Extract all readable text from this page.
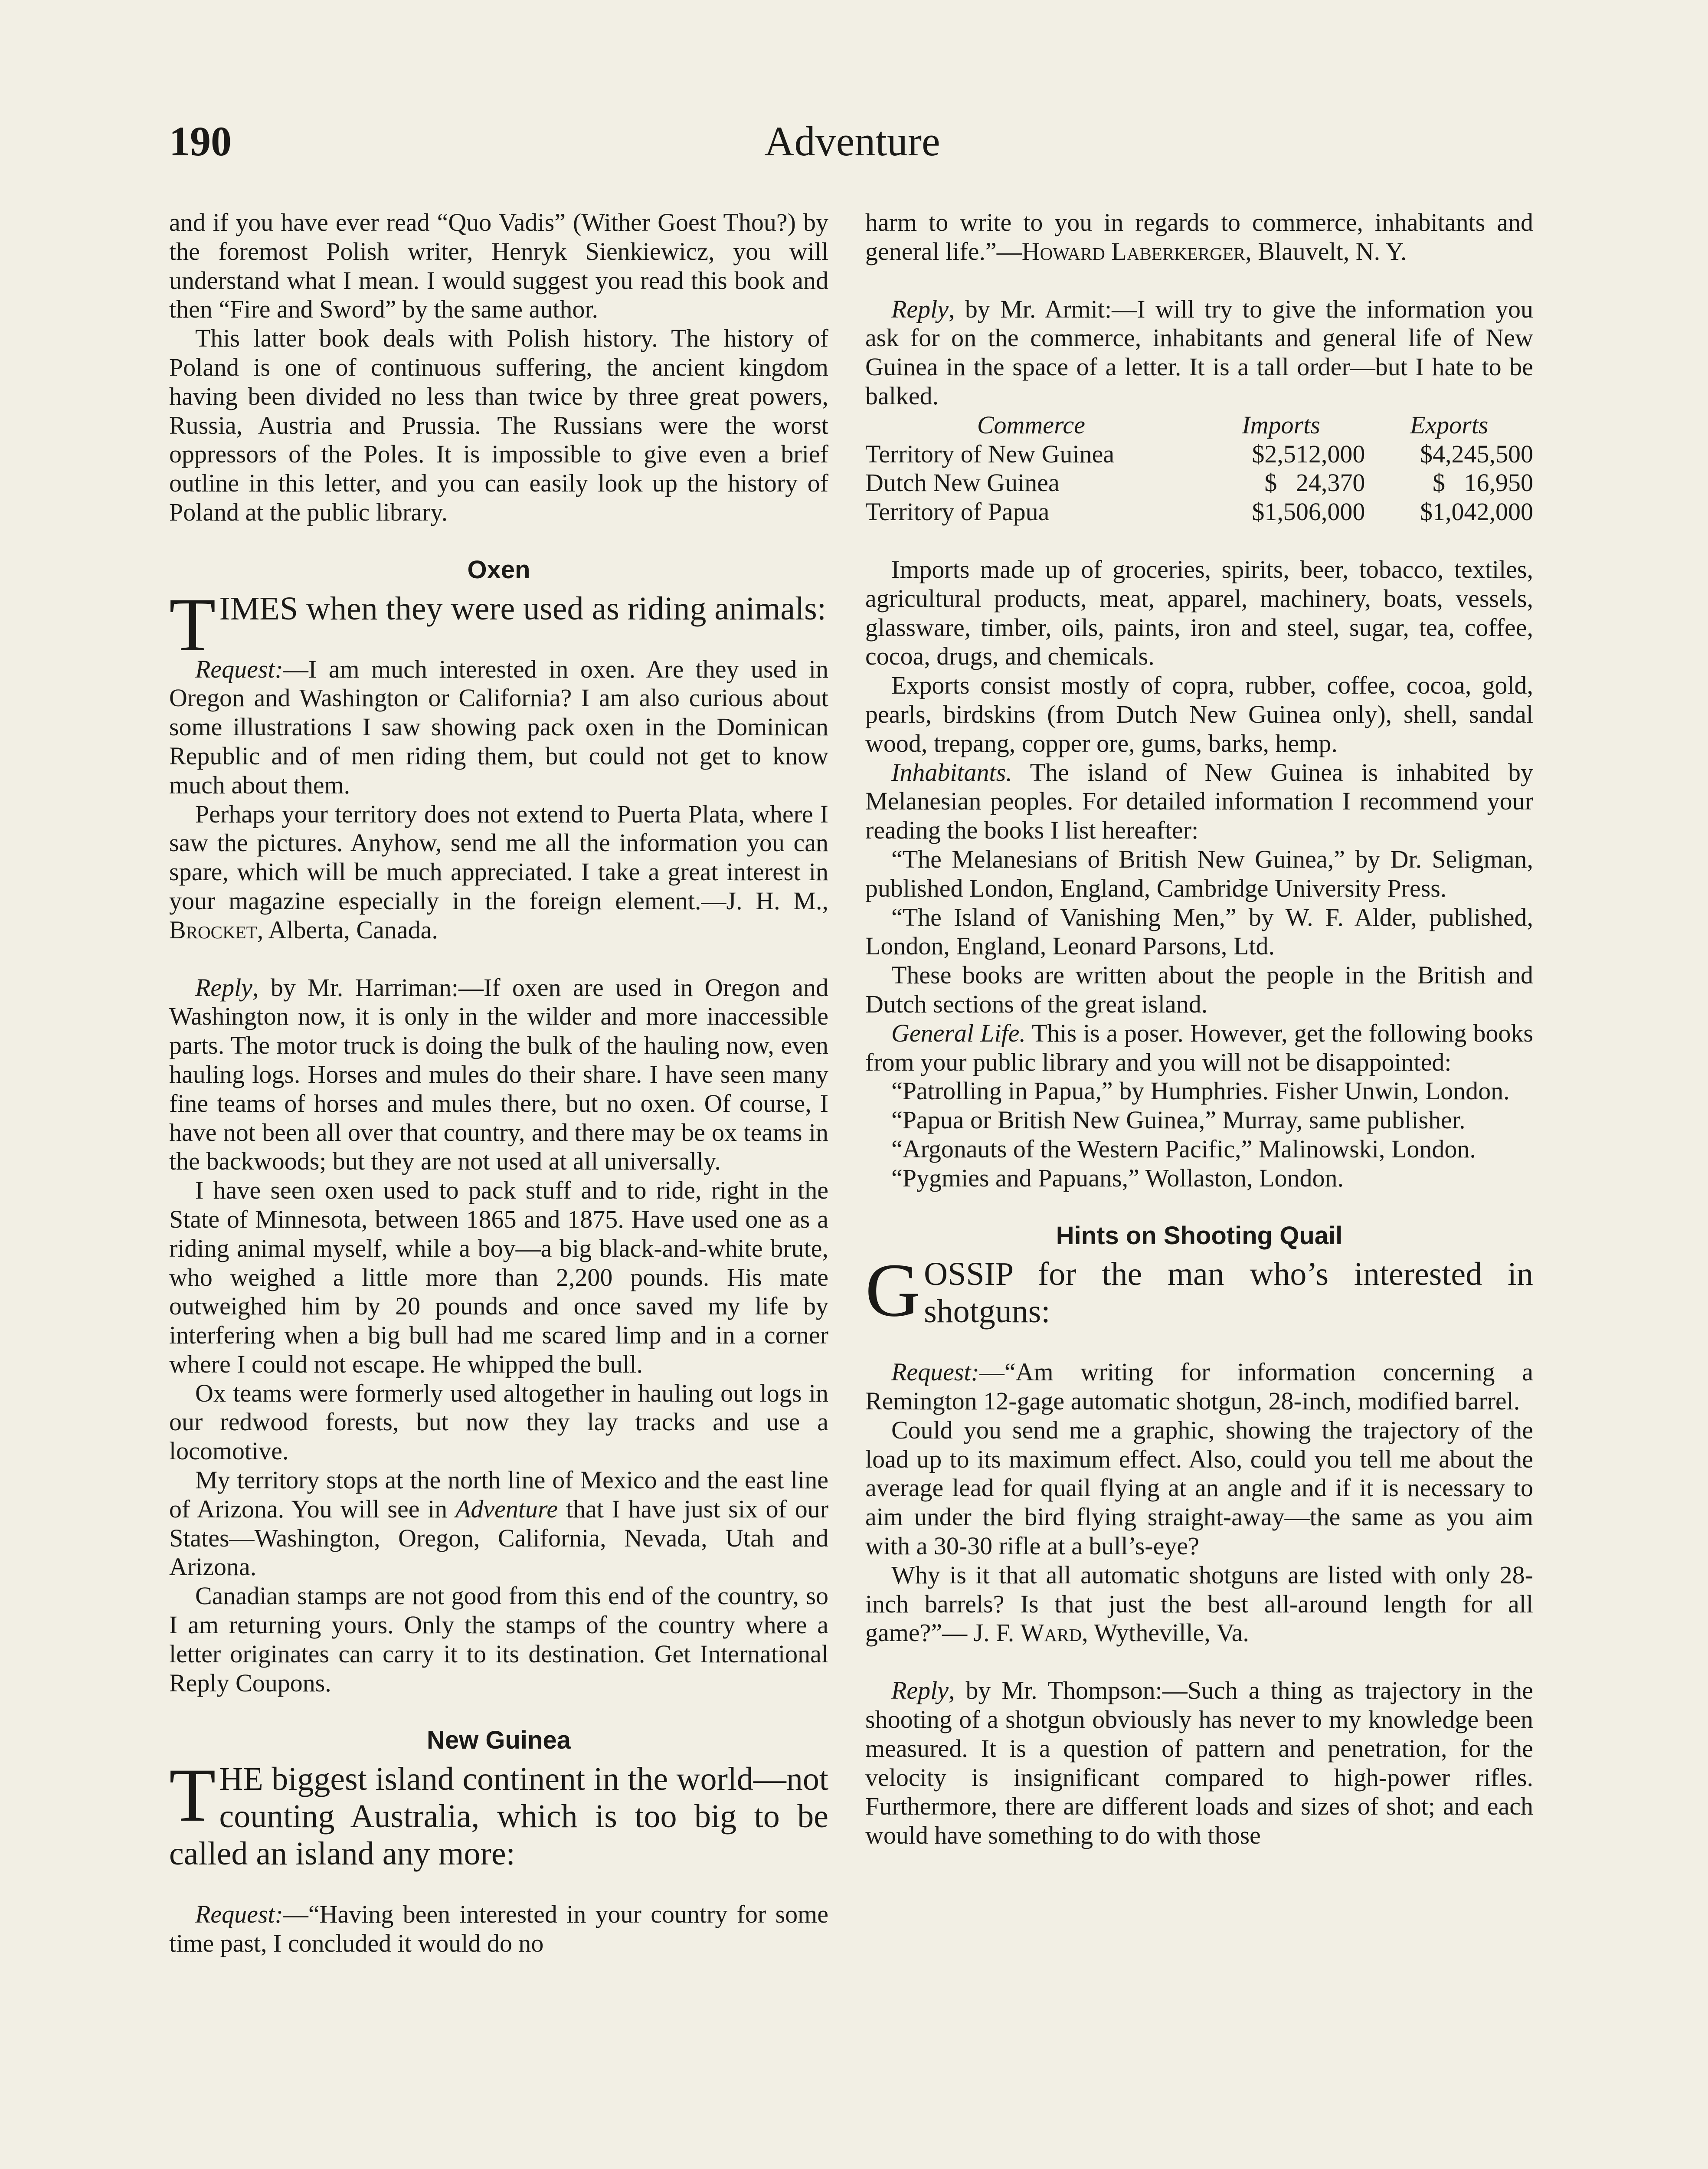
190	Adventure

and if you have ever read “Quo Vadis” (Wither Goest Thou?) by the foremost Polish writer, Henryk Sienkiewicz, you will understand what I mean. I would suggest you read this book and then “Fire and Sword” by the same author.

This latter book deals with Polish history. The history of Poland is one of continuous suffering, the ancient kingdom having been divided no less than twice by three great powers, Russia, Austria and Prussia. The Russians were the worst oppressors of the Poles. It is impossible to give even a brief outline in this letter, and you can easily look up the history of Poland at the public library.

Oxen
TIMES when they were used as riding animals:

Request:—I am much interested in oxen. Are they used in Oregon and Washington or California? I am also curious about some illustrations I saw showing pack oxen in the Dominican Republic and of men riding them, but could not get to know much about them.

Perhaps your territory does not extend to Puerta Plata, where I saw the pictures. Anyhow, send me all the information you can spare, which will be much appreciated. I take a great interest in your magazine especially in the foreign element.—J. H. M., Brocket, Alberta, Canada.

Reply, by Mr. Harriman:—If oxen are used in Oregon and Washington now, it is only in the wilder and more inaccessible parts. The motor truck is doing the bulk of the hauling now, even hauling logs. Horses and mules do their share. I have seen many fine teams of horses and mules there, but no oxen. Of course, I have not been all over that country, and there may be ox teams in the backwoods; but they are not used at all universally.

I have seen oxen used to pack stuff and to ride, right in the State of Minnesota, between 1865 and 1875. Have used one as a riding animal myself, while a boy—a big black-and-white brute, who weighed a little more than 2,200 pounds. His mate outweighed him by 20 pounds and once saved my life by interfering when a big bull had me scared limp and in a corner where I could not escape. He whipped the bull.

Ox teams were formerly used altogether in hauling out logs in our redwood forests, but now they lay tracks and use a locomotive.

My territory stops at the north line of Mexico and the east line of Arizona. You will see in Adventure that I have just six of our States—Washington, Oregon, California, Nevada, Utah and Arizona.

Canadian stamps are not good from this end of the country, so I am returning yours. Only the stamps of the country where a letter originates can carry it to its destination. Get International Reply Coupons.

New Guinea
THE biggest island continent in the world—not counting Australia, which is too big to be called an island any more:

Request:—“Having been interested in your country for some time past, I concluded it would do no

harm to write to you in regards to commerce, inhabitants and general life.”—Howard Laberkerger, Blauvelt, N. Y.

Reply, by Mr. Armit:—I will try to give the information you ask for on the commerce, inhabitants and general life of New Guinea in the space of a letter. It is a tall order—but I hate to be balked.

Commerce	Imports	Exports
Territory of New Guinea	$2,512,000	$4,245,500
Dutch New Guinea	$   24,370	$   16,950
Territory of Papua	$1,506,000	$1,042,000

Imports made up of groceries, spirits, beer, tobacco, textiles, agricultural products, meat, apparel, machinery, boats, vessels, glassware, timber, oils, paints, iron and steel, sugar, tea, coffee, cocoa, drugs, and chemicals.

Exports consist mostly of copra, rubber, coffee, cocoa, gold, pearls, birdskins (from Dutch New Guinea only), shell, sandal wood, trepang, copper ore, gums, barks, hemp.

Inhabitants. The island of New Guinea is inhabited by Melanesian peoples. For detailed information I recommend your reading the books I list hereafter:

“The Melanesians of British New Guinea,” by Dr. Seligman, published London, England, Cambridge University Press.

“The Island of Vanishing Men,” by W. F. Alder, published, London, England, Leonard Parsons, Ltd.

These books are written about the people in the British and Dutch sections of the great island.

General Life. This is a poser. However, get the following books from your public library and you will not be disappointed:

“Patrolling in Papua,” by Humphries. Fisher Unwin, London.

“Papua or British New Guinea,” Murray, same publisher.

“Argonauts of the Western Pacific,” Malinowski, London.

“Pygmies and Papuans,” Wollaston, London.

Hints on Shooting Quail
GOSSIP for the man who’s interested in shotguns:

Request:—“Am writing for information concerning a Remington 12-gage automatic shotgun, 28-inch, modified barrel.

Could you send me a graphic, showing the trajectory of the load up to its maximum effect. Also, could you tell me about the average lead for quail flying at an angle and if it is necessary to aim under the bird flying straight-away—the same as you aim with a 30-30 rifle at a bull’s-eye?

Why is it that all automatic shotguns are listed with only 28-inch barrels? Is that just the best all-around length for all game?”— J. F. Ward, Wytheville, Va.

Reply, by Mr. Thompson:—Such a thing as trajectory in the shooting of a shotgun obviously has never to my knowledge been measured. It is a question of pattern and penetration, for the velocity is insignificant compared to high-power rifles. Furthermore, there are different loads and sizes of shot; and each would have something to do with those
